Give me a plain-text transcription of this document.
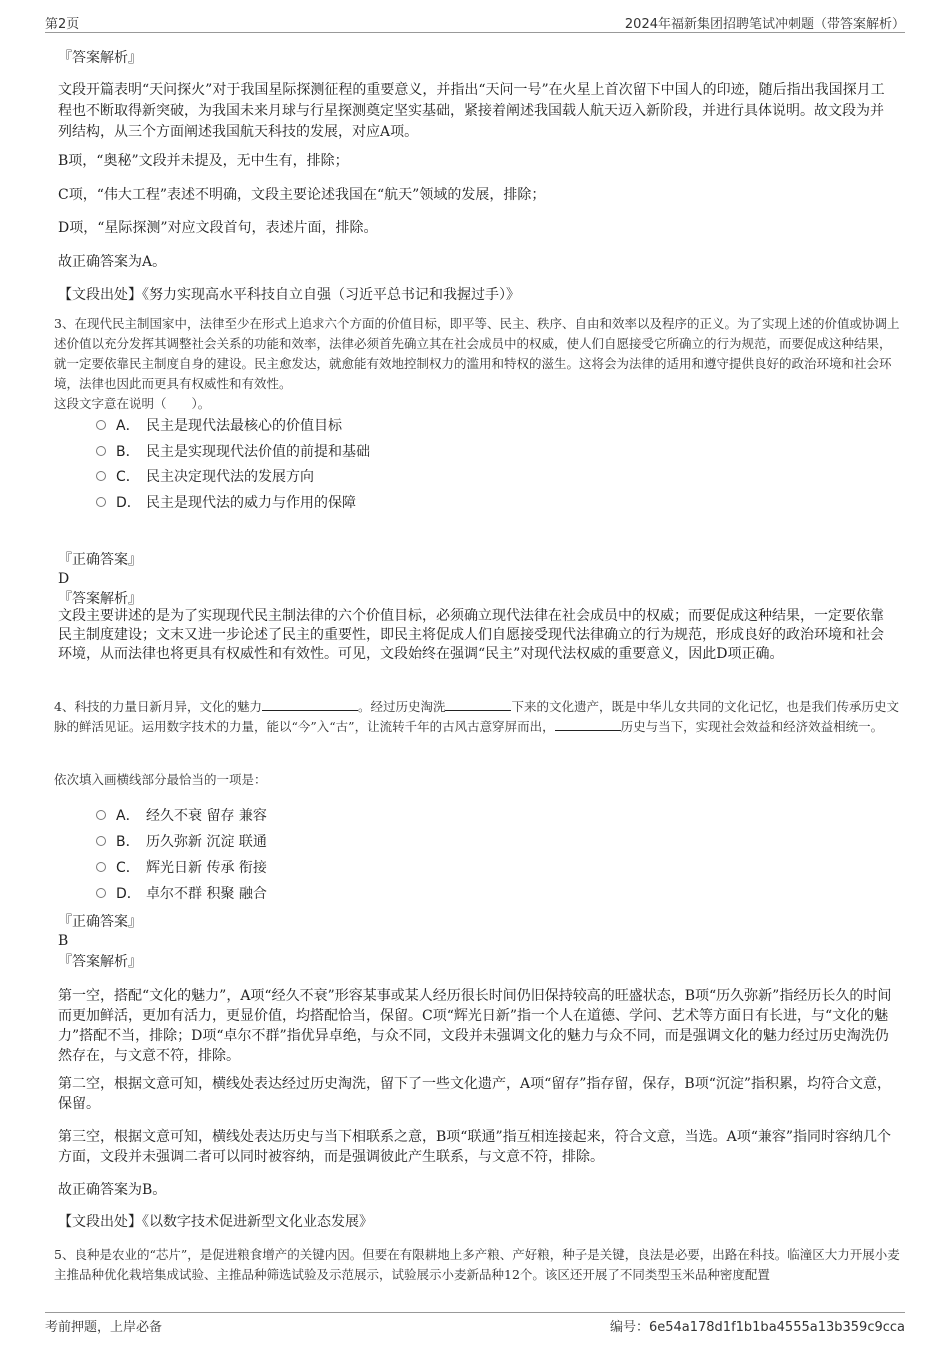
第2页	2024年福新集团招聘笔试冲刺题（带答案解析）
『答案解析』
文段开篇表明“天问探火”对于我国星际探测征程的重要意义，并指出“天问一号”在火星上首次留下中国人的印迹，随后指出我国探月工程也不断取得新突破，为我国未来月球与行星探测奠定坚实基础，紧接着阐述我国载人航天迈入新阶段，并进行具体说明。故文段为并列结构，从三个方面阐述我国航天科技的发展，对应A项。
B项，“奥秘”文段并未提及，无中生有，排除；
C项，“伟大工程”表述不明确，文段主要论述我国在“航天”领域的发展，排除；
D项，“星际探测”对应文段首句，表述片面，排除。
故正确答案为A。
【文段出处】《努力实现高水平科技自立自强（习近平总书记和我握过手）》
3、在现代民主制国家中，法律至少在形式上追求六个方面的价值目标，即平等、民主、秩序、自由和效率以及程序的正义。为了实现上述的价值或协调上述价值以充分发挥其调整社会关系的功能和效率，法律必须首先确立其在社会成员中的权威，使人们自愿接受它所确立的行为规范，而要促成这种结果，就一定要依靠民主制度自身的建设。民主愈发达，就愈能有效地控制权力的滥用和特权的滋生。这将会为法律的适用和遵守提供良好的政治环境和社会环境，法律也因此而更具有权威性和有效性。
这段文字意在说明（　　）。
A． 民主是现代法最核心的价值目标
B． 民主是实现现代法价值的前提和基础
C． 民主决定现代法的发展方向
D． 民主是现代法的威力与作用的保障
『正确答案』
D
『答案解析』
文段主要讲述的是为了实现现代民主制法律的六个价值目标，必须确立现代法律在社会成员中的权威；而要促成这种结果，一定要依靠民主制度建设；文末又进一步论述了民主的重要性，即民主将促成人们自愿接受现代法律确立的行为规范，形成良好的政治环境和社会环境，从而法律也将更具有权威性和有效性。可见，文段始终在强调“民主”对现代法权威的重要意义，因此D项正确。
4、科技的力量日新月异，文化的魅力	。经过历史淘洗	下来的文化遗产，既是中华儿女共同的文化记忆，也是我们传承历史文脉的鲜活见证。运用数字技术的力量，能以“今”入“古”，让流转千年的古风古意穿屏而出，	历史与当下，实现社会效益和经济效益相统一。
依次填入画横线部分最恰当的一项是：
A． 经久不衰 留存 兼容
B． 历久弥新 沉淀 联通
C． 辉光日新 传承 衔接
D． 卓尔不群 积聚 融合
『正确答案』
B
『答案解析』
第一空，搭配“文化的魅力”，A项“经久不衰”形容某事或某人经历很长时间仍旧保持较高的旺盛状态，B项“历久弥新”指经历长久的时间而更加鲜活，更加有活力，更显价值，均搭配恰当，保留。C项“辉光日新”指一个人在道德、学问、艺术等方面日有长进，与“文化的魅力”搭配不当，排除；D项“卓尔不群”指优异卓绝，与众不同，文段并未强调文化的魅力与众不同，而是强调文化的魅力经过历史淘洗仍然存在，与文意不符，排除。
第二空，根据文意可知，横线处表达经过历史淘洗，留下了一些文化遗产，A项“留存”指存留，保存，B项“沉淀”指积累，均符合文意，保留。
第三空，根据文意可知，横线处表达历史与当下相联系之意，B项“联通”指互相连接起来，符合文意，当选。A项“兼容”指同时容纳几个方面，文段并未强调二者可以同时被容纳，而是强调彼此产生联系，与文意不符，排除。
故正确答案为B。
【文段出处】《以数字技术促进新型文化业态发展》
5、良种是农业的“芯片”，是促进粮食增产的关键内因。但要在有限耕地上多产粮、产好粮，种子是关键，良法是必要，出路在科技。临潼区大力开展小麦主推品种优化栽培集成试验、主推品种筛选试验及示范展示，试验展示小麦新品种12个。该区还开展了不同类型玉米品种密度配置
考前押题，上岸必备	编号：6e54a178d1f1b1ba4555a13b359c9cca
